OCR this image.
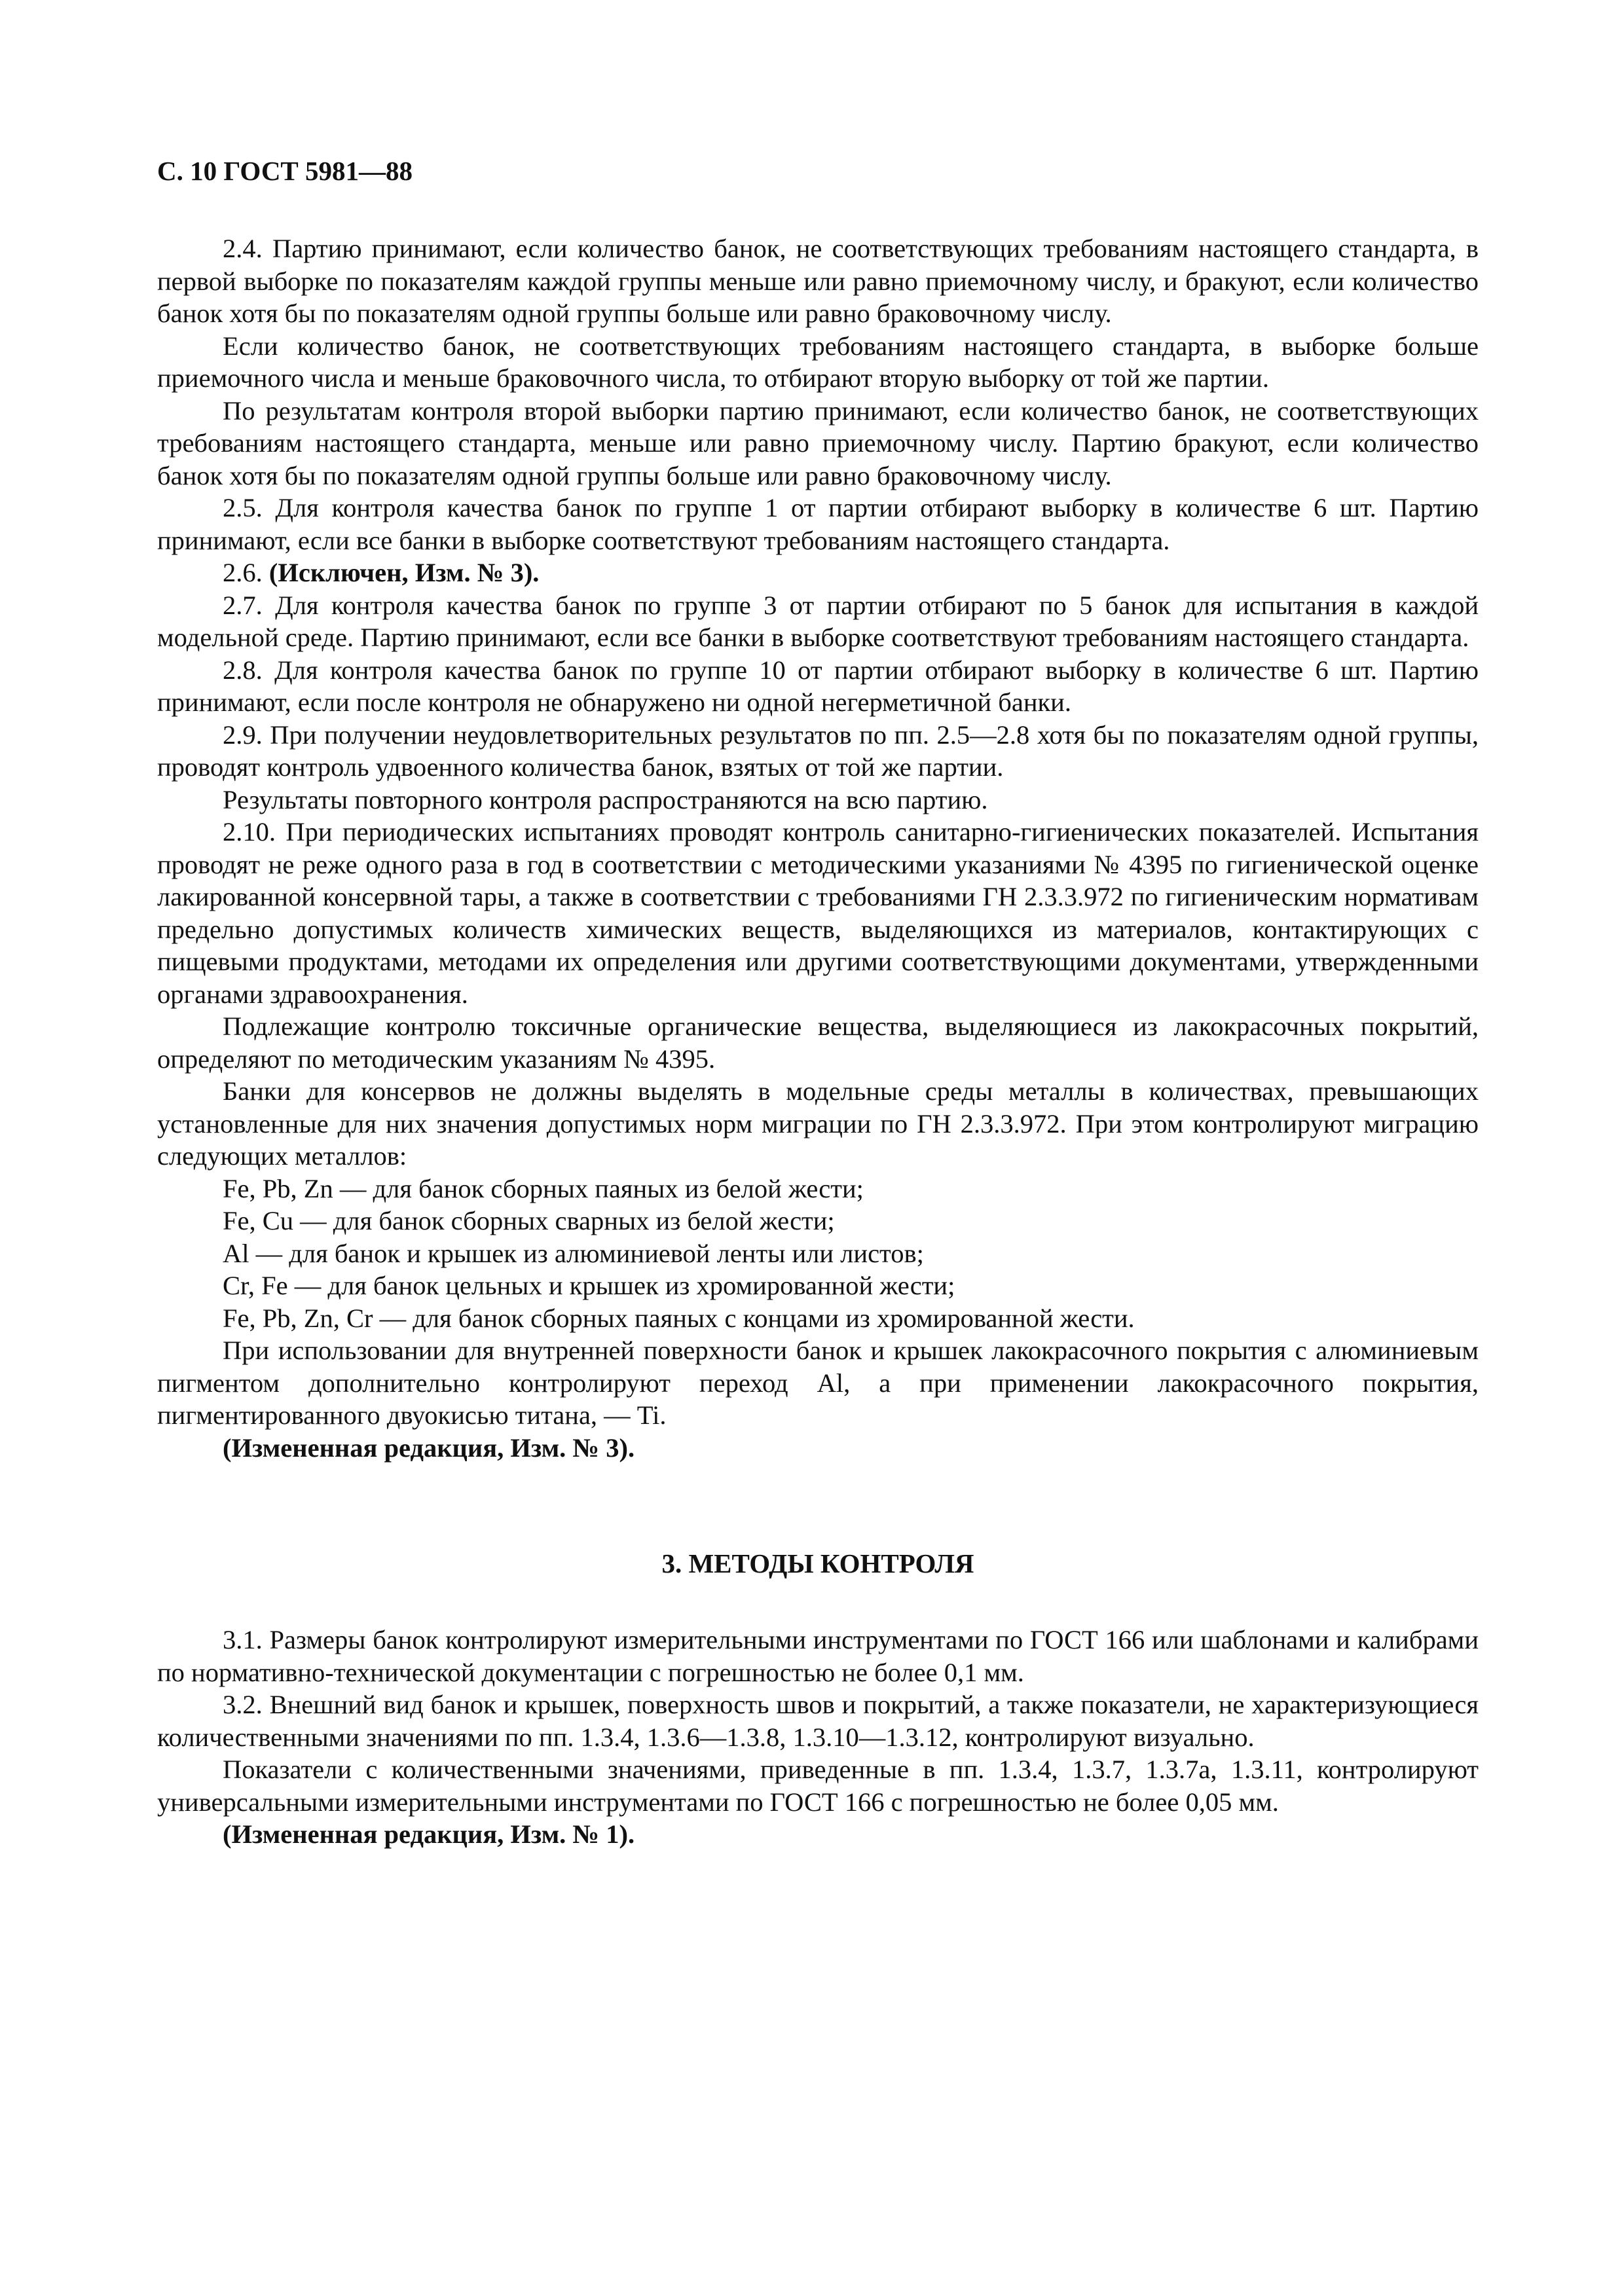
С. 10 ГОСТ 5981—88

2.4. Партию принимают, если количество банок, не соответствующих требованиям настоящего стандарта, в первой выборке по показателям каждой группы меньше или равно приемочному числу, и бракуют, если количество банок хотя бы по показателям одной группы больше или равно браковочному числу.

Если количество банок, не соответствующих требованиям настоящего стандарта, в выборке больше приемочного числа и меньше браковочного числа, то отбирают вторую выборку от той же партии.

По результатам контроля второй выборки партию принимают, если количество банок, не соответствующих требованиям настоящего стандарта, меньше или равно приемочному числу. Партию бракуют, если количество банок хотя бы по показателям одной группы больше или равно браковочному числу.

2.5. Для контроля качества банок по группе 1 от партии отбирают выборку в количестве 6 шт. Партию принимают, если все банки в выборке соответствуют требованиям настоящего стандарта.

2.6. (Исключен, Изм. № 3).

2.7. Для контроля качества банок по группе 3 от партии отбирают по 5 банок для испытания в каждой модельной среде. Партию принимают, если все банки в выборке соответствуют требованиям настоящего стандарта.

2.8. Для контроля качества банок по группе 10 от партии отбирают выборку в количестве 6 шт. Партию принимают, если после контроля не обнаружено ни одной негерметичной банки.

2.9. При получении неудовлетворительных результатов по пп. 2.5—2.8 хотя бы по показателям одной группы, проводят контроль удвоенного количества банок, взятых от той же партии.

Результаты повторного контроля распространяются на всю партию.

2.10. При периодических испытаниях проводят контроль санитарно-гигиенических показателей. Испытания проводят не реже одного раза в год в соответствии с методическими указаниями № 4395 по гигиенической оценке лакированной консервной тары, а также в соответствии с требованиями ГН 2.3.3.972 по гигиеническим нормативам предельно допустимых количеств химических веществ, выделяющихся из материалов, контактирующих с пищевыми продуктами, методами их определения или другими соответствующими документами, утвержденными органами здравоохранения.

Подлежащие контролю токсичные органические вещества, выделяющиеся из лакокрасочных покрытий, определяют по методическим указаниям № 4395.

Банки для консервов не должны выделять в модельные среды металлы в количествах, превышающих установленные для них значения допустимых норм миграции по ГН 2.3.3.972. При этом контролируют миграцию следующих металлов:

Fe, Pb, Zn — для банок сборных паяных из белой жести;

Fe, Cu — для банок сборных сварных из белой жести;

Al — для банок и крышек из алюминиевой ленты или листов;

Cr, Fe — для банок цельных и крышек из хромированной жести;

Fe, Pb, Zn, Cr — для банок сборных паяных с концами из хромированной жести.

При использовании для внутренней поверхности банок и крышек лакокрасочного покрытия с алюминиевым пигментом дополнительно контролируют переход Al, а при применении лакокрасочного покрытия, пигментированного двуокисью титана, — Ti.

(Измененная редакция, Изм. № 3).

3. МЕТОДЫ КОНТРОЛЯ

3.1. Размеры банок контролируют измерительными инструментами по ГОСТ 166 или шаблонами и калибрами по нормативно-технической документации с погрешностью не более 0,1 мм.

3.2. Внешний вид банок и крышек, поверхность швов и покрытий, а также показатели, не характеризующиеся количественными значениями по пп. 1.3.4, 1.3.6—1.3.8, 1.3.10—1.3.12, контролируют визуально.

Показатели с количественными значениями, приведенные в пп. 1.3.4, 1.3.7, 1.3.7а, 1.3.11, контролируют универсальными измерительными инструментами по ГОСТ 166 с погрешностью не более 0,05 мм.

(Измененная редакция, Изм. № 1).
